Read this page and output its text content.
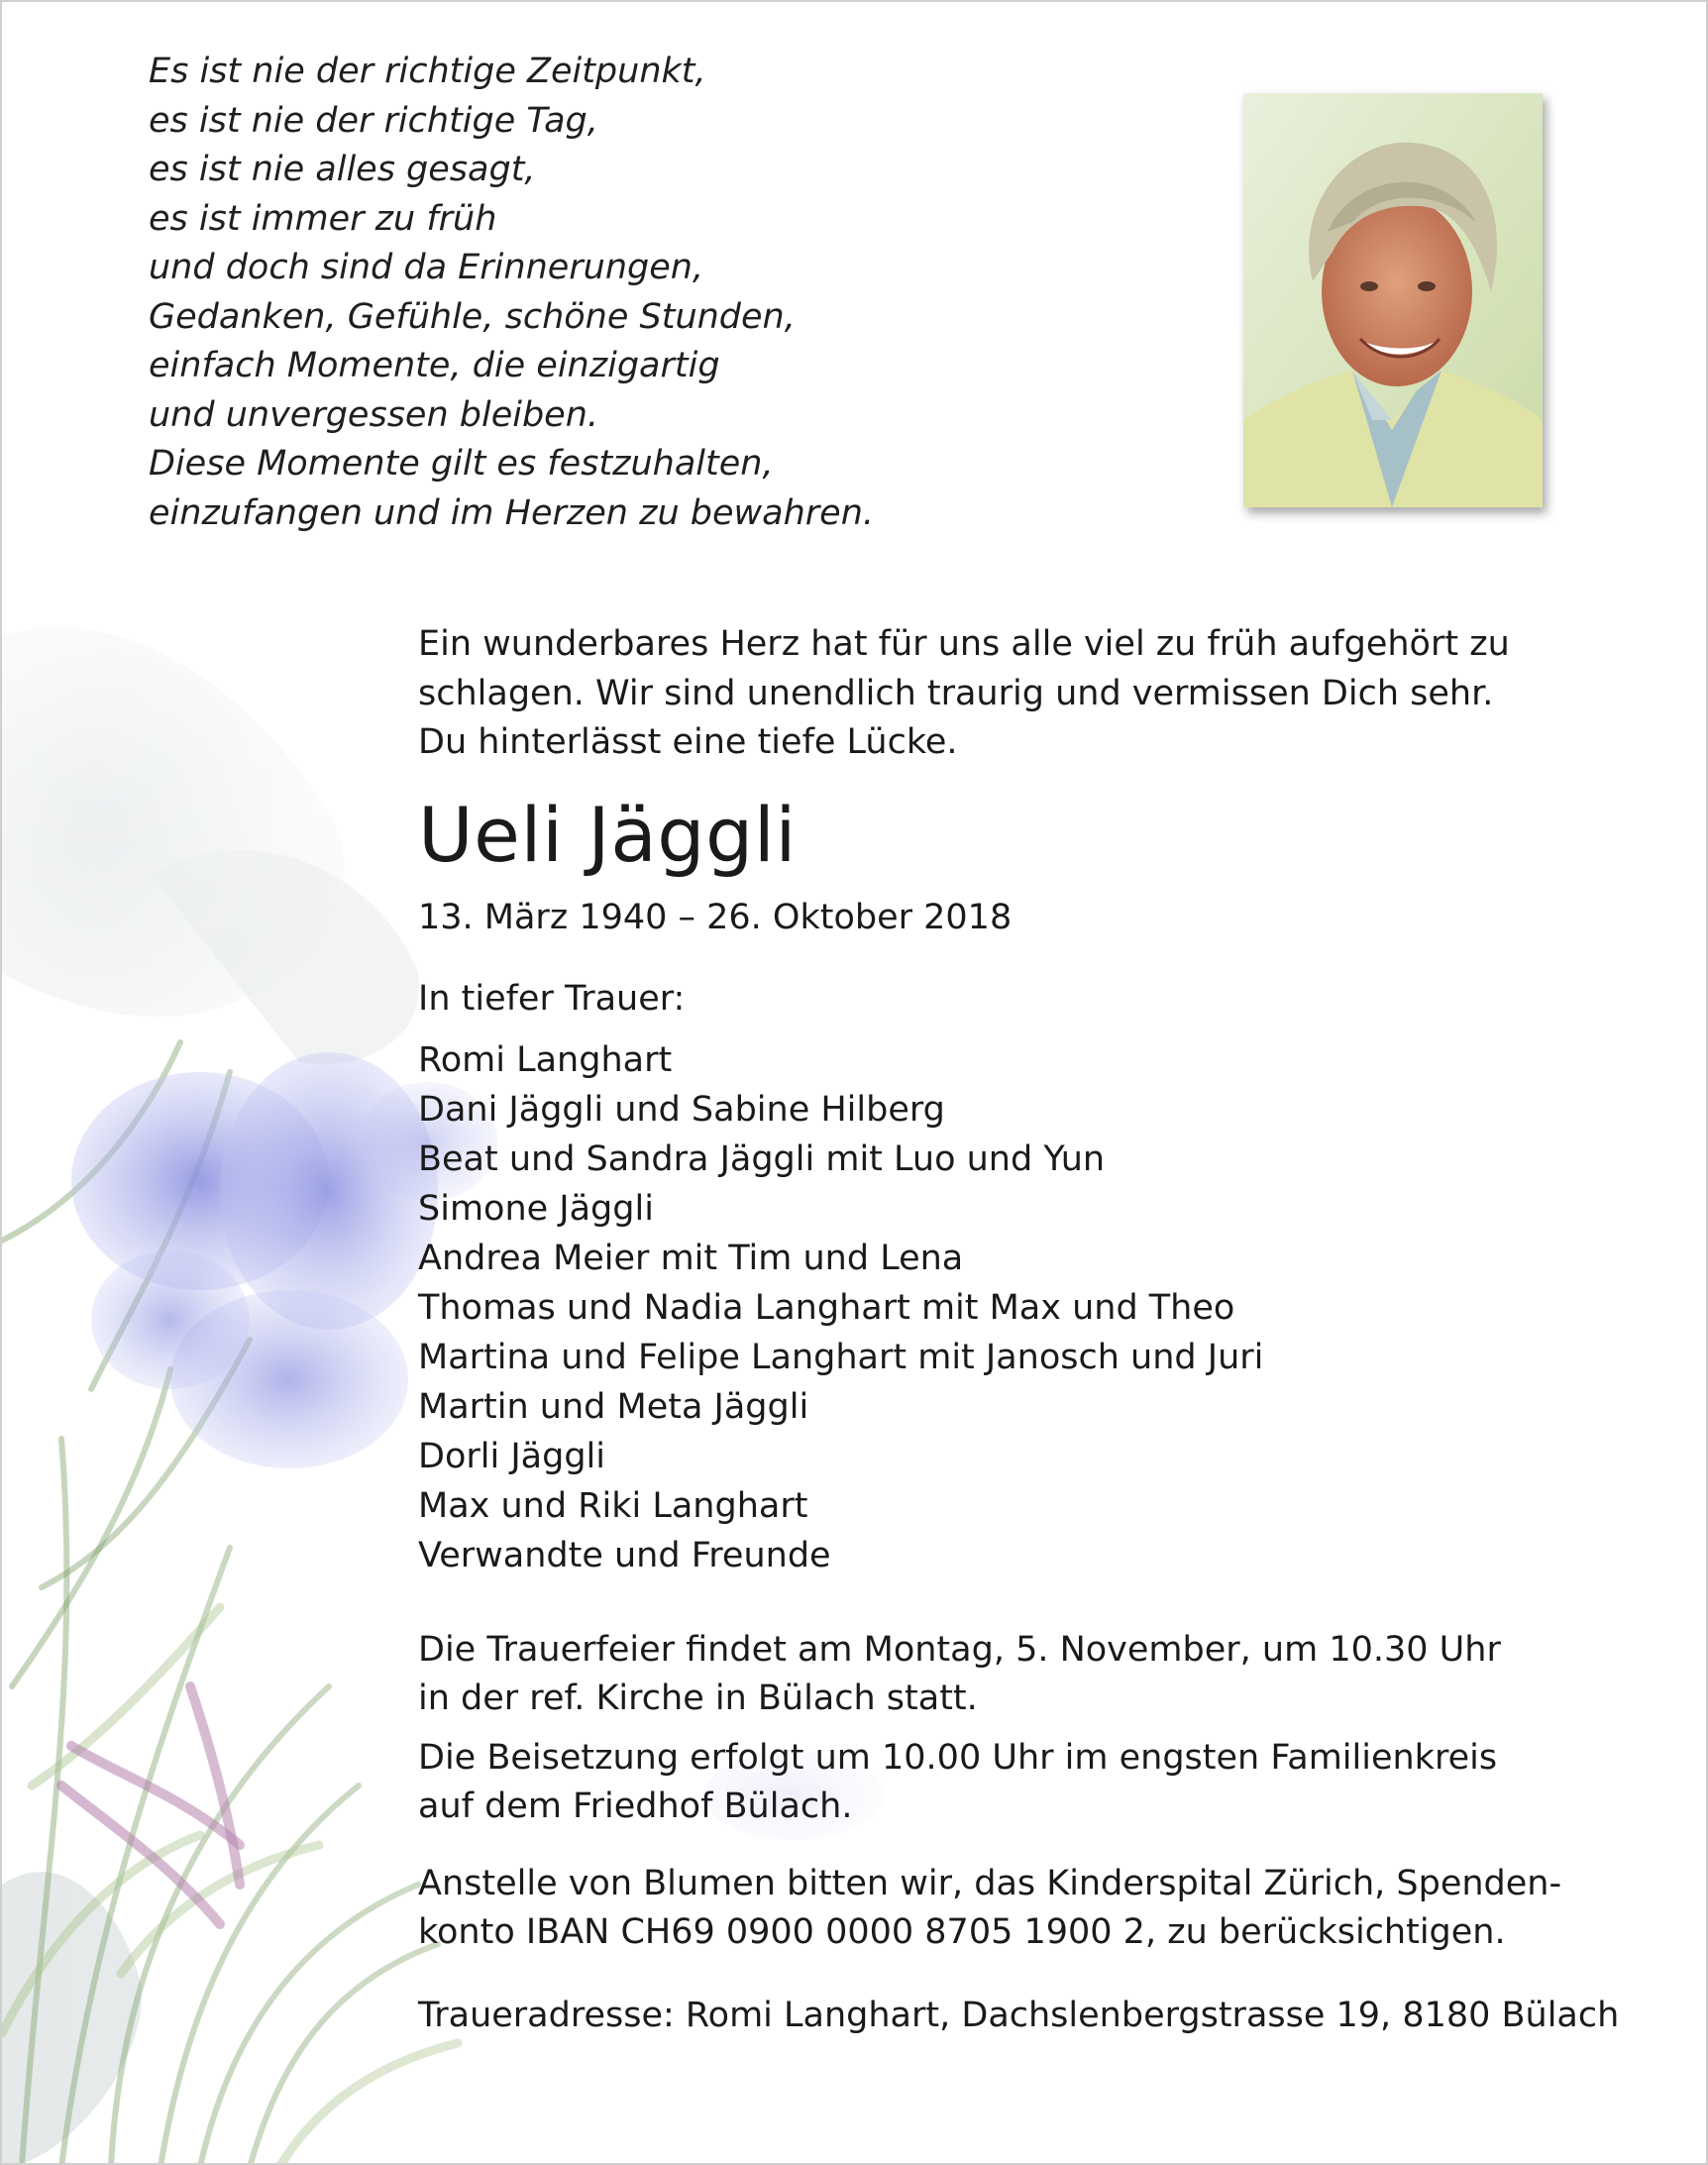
Es ist nie der richtige Zeitpunkt,
es ist nie der richtige Tag,
es ist nie alles gesagt,
es ist immer zu früh
und doch sind da Erinnerungen,
Gedanken, Gefühle, schöne Stunden,
einfach Momente, die einzigartig
und unvergessen bleiben.
Diese Momente gilt es festzuhalten,
einzufangen und im Herzen zu bewahren.
Ein wunderbares Herz hat für uns alle viel zu früh aufgehört zu
schlagen. Wir sind unendlich traurig und vermissen Dich sehr.
Du hinterlässt eine tiefe Lücke.
Ueli Jäggli
13. März 1940 – 26. Oktober 2018
In tiefer Trauer:
Romi Langhart
Dani Jäggli und Sabine Hilberg
Beat und Sandra Jäggli mit Luo und Yun
Simone Jäggli
Andrea Meier mit Tim und Lena
Thomas und Nadia Langhart mit Max und Theo
Martina und Felipe Langhart mit Janosch und Juri
Martin und Meta Jäggli
Dorli Jäggli
Max und Riki Langhart
Verwandte und Freunde
Die Trauerfeier findet am Montag, 5. November, um 10.30 Uhr
in der ref. Kirche in Bülach statt.
Die Beisetzung erfolgt um 10.00 Uhr im engsten Familienkreis
auf dem Friedhof Bülach.
Anstelle von Blumen bitten wir, das Kinderspital Zürich, Spenden-
konto IBAN CH69 0900 0000 8705 1900 2, zu berücksichtigen.
Traueradresse: Romi Langhart, Dachslenbergstrasse 19, 8180 Bülach
